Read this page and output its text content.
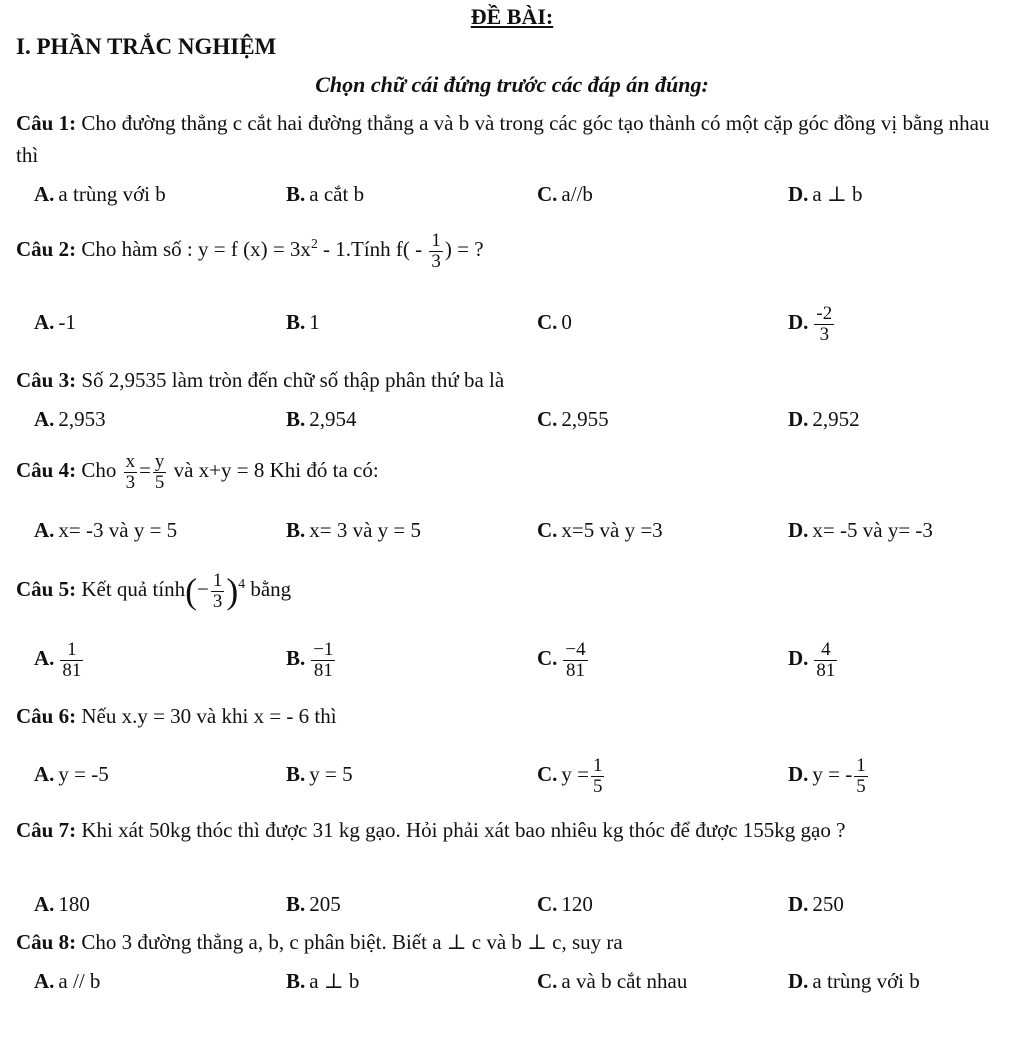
ĐỀ BÀI:
I. PHẦN TRẮC NGHIỆM
Chọn chữ cái đứng trước các đáp án đúng:
Câu 1: Cho đường thẳng c cắt hai đường thẳng a và b và trong các góc tạo thành có một cặp góc đồng vị bằng nhau thì
A. a trùng với b	B. a cắt b	C. a//b	D. a ⊥ b
Câu 2: Cho hàm số : y = f $(x) = 3x^2$ - 1.Tính $f( - \frac{1}{3}$ ) = ?
A. -1	B. 1	C. 0	D. $\frac{-2}{3}$
Câu 3: Số 2,9535 làm tròn đến chữ số thập phân thứ ba là
A. 2,953	B. 2,954	C. 2,955	D. 2,952
Câu 4: Cho $\frac{x}{3} = \frac{y}{5}$ và x+y = 8 Khi đó ta có:
A. x= -3 và y = 5	B. x= 3 và y = 5	C. x=5 và y =3	D. x= -5 và y= -3
Câu 5: Kết quả tính(− $\frac{1}{3} )^4$ bằng
A. $\frac{1}{81}$	B. $\frac{-1}{81}$	C. $\frac{-4}{81}$	D. $\frac{4}{81}$
Câu 6: Nếu x.y = 30 và khi x = - 6 thì
A. y = -5	B. y = 5	C. $y = \frac{1}{5}$	D. y = - $\frac{1}{5}$
Câu 7: Khi xát 50kg thóc thì được 31 kg gạo. Hỏi phải xát bao nhiêu kg thóc để được 155kg gạo ?
A. 180	B. 205	C. 120	D. 250
Câu 8: Cho 3 đường thẳng a, b, c phân biệt. Biết a ⊥ c và b ⊥ c, suy ra
A. a // b	B. a ⊥ b	C. a và b cắt nhau	D. a trùng với b
